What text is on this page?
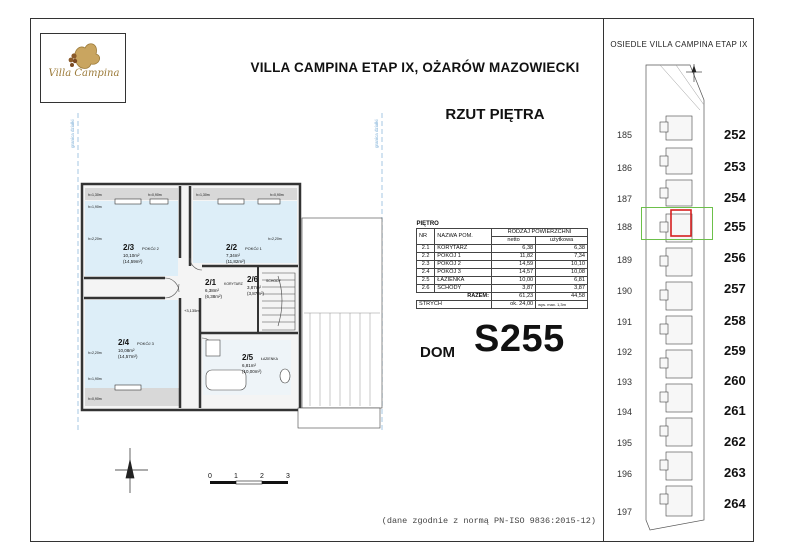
Villa Campina	VILLA CAMPINA ETAP IX, OŻARÓW MAZOWIECKI
RZUT PIĘTRA
granica działki	granica działki
2/3 POKÓJ 2
10,10m²
(14,59m²)
2/2 POKÓJ 1
7,34m²
(11,82m²)
2/1 KORYTARZ
6,38m²
(6,38m²)
2/6 SCHODY
3,87m²
(3,87m²)
2/4 POKÓJ 3
10,08m²
(14,57m²)	2/5 ŁAZIENKA
6,81m²
(10,00m²)
h=1,30m	h=0,90m	h=1,30m	h=0,90m
h=1,90m
h=2,20m	h=2,20m
h=2,20m
h=1,90m
h=0,90m
+3,135m
0	1	2	3
PIĘTRO			
NR	NAZWA POM.	RODZAJ POWIERZCHNI	
		netto	użytkowa
2.1	KORYTARZ	6,38	6,38
2.2	POKÓJ 1	11,82	7,34
2.3	POKÓJ 2	14,59	10,10
2.4	POKÓJ 3	14,57	10,08
2.5	ŁAZIENKA	10,00	6,81
2.6	SCHODY	3,87	3,87
RAZEM:		61,23	44,58
STRYCH		ok. 24,00	wys. max. 1,3m
DOM S255
(dane zgodnie z normą PN-ISO 9836:2015-12)
OSIEDLE VILLA CAMPINA ETAP IX
185
186
187
188
189
190
191
192
193
194
195
196
197
252
253
254
255
256
257
258
259
260
261
262
263
264
